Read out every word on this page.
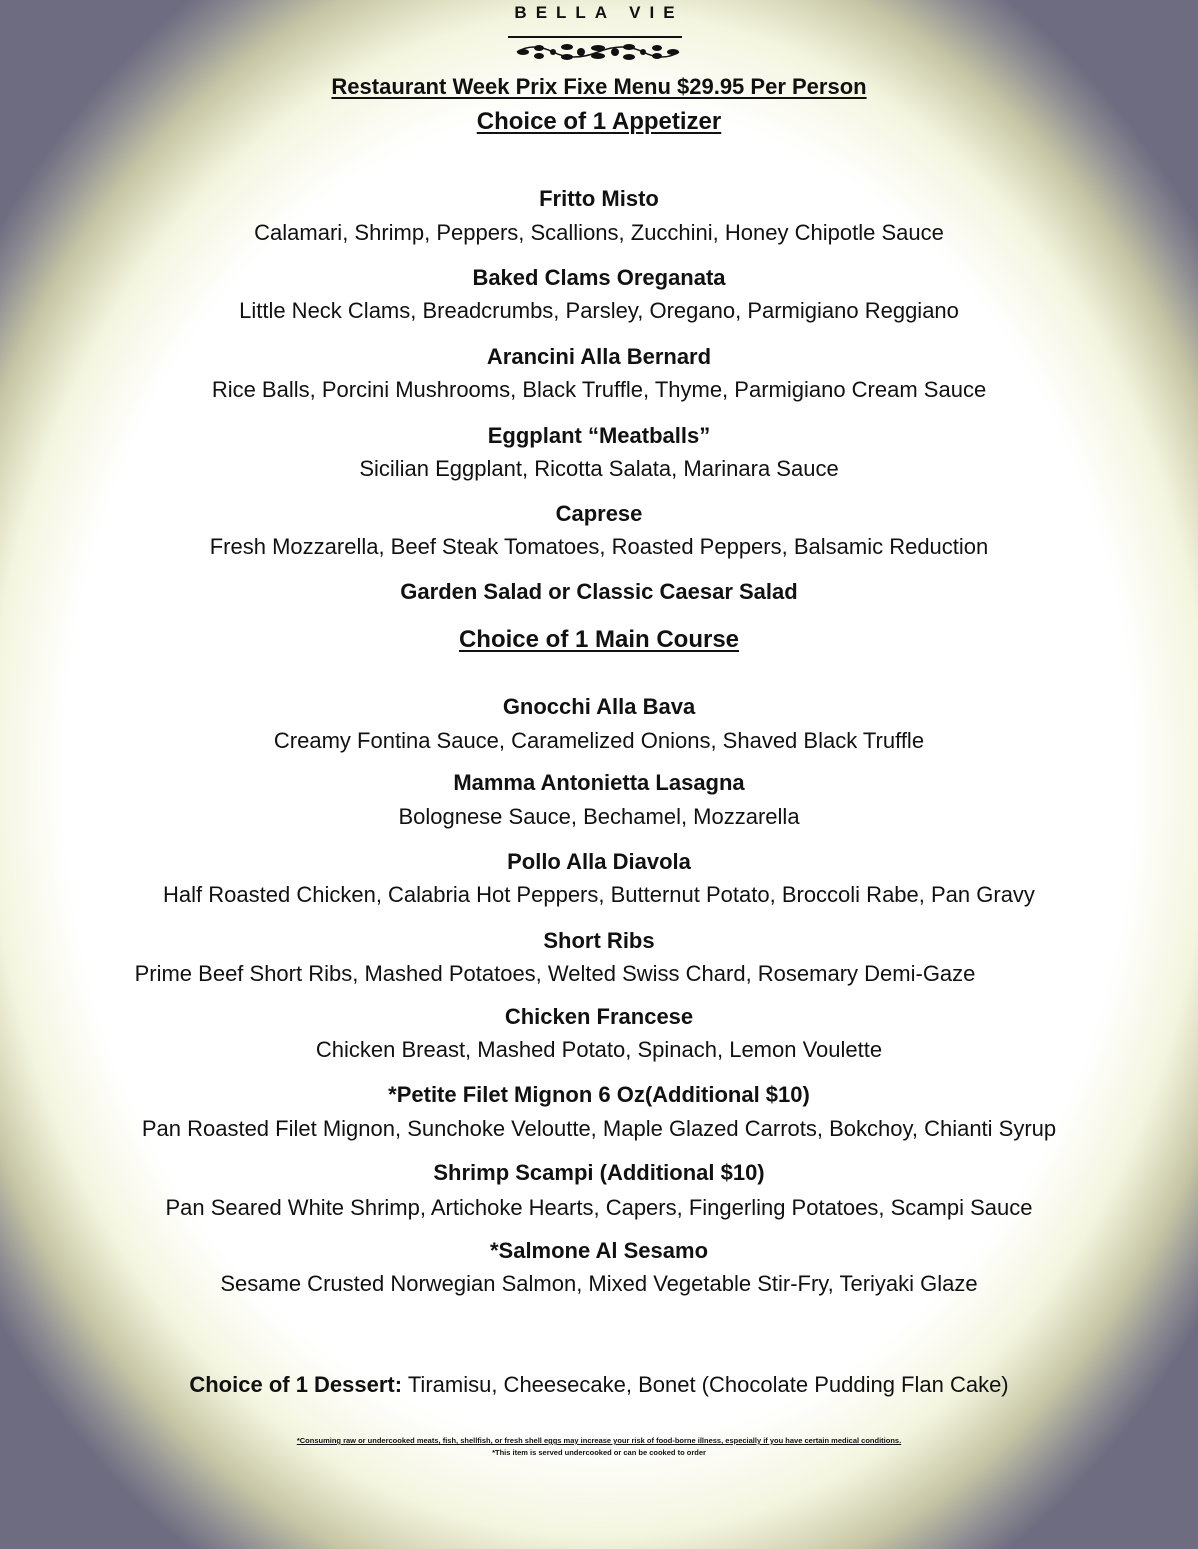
BELLA VIE
Restaurant Week Prix Fixe Menu $29.95 Per Person
Choice of 1 Appetizer
Fritto Misto
Calamari, Shrimp, Peppers, Scallions, Zucchini, Honey Chipotle Sauce
Baked Clams Oreganata
Little Neck Clams, Breadcrumbs, Parsley, Oregano, Parmigiano Reggiano
Arancini Alla Bernard
Rice Balls, Porcini Mushrooms, Black Truffle, Thyme, Parmigiano Cream Sauce
Eggplant “Meatballs”
Sicilian Eggplant, Ricotta Salata, Marinara Sauce
Caprese
Fresh Mozzarella, Beef Steak Tomatoes, Roasted Peppers, Balsamic Reduction
Garden Salad or Classic Caesar Salad
Choice of 1 Main Course
Gnocchi Alla Bava
Creamy Fontina Sauce, Caramelized Onions, Shaved Black Truffle
Mamma Antonietta Lasagna
Bolognese Sauce, Bechamel, Mozzarella
Pollo Alla Diavola
Half Roasted Chicken, Calabria Hot Peppers, Butternut Potato, Broccoli Rabe, Pan Gravy
Short Ribs
Prime Beef Short Ribs, Mashed Potatoes, Welted Swiss Chard, Rosemary Demi-Gaze
Chicken Francese
Chicken Breast, Mashed Potato, Spinach, Lemon Voulette
*Petite Filet Mignon 6 Oz(Additional $10)
Pan Roasted Filet Mignon, Sunchoke Veloutte, Maple Glazed Carrots, Bokchoy, Chianti Syrup
Shrimp Scampi (Additional $10)
Pan Seared White Shrimp, Artichoke Hearts, Capers, Fingerling Potatoes, Scampi Sauce
*Salmone Al Sesamo
Sesame Crusted Norwegian Salmon, Mixed Vegetable Stir-Fry, Teriyaki Glaze
Choice of 1 Dessert: Tiramisu, Cheesecake, Bonet (Chocolate Pudding Flan Cake)
*Consuming raw or undercooked meats, fish, shellfish, or fresh shell eggs may increase your risk of food-borne illness, especially if you have certain medical conditions.
*This item is served undercooked or can be cooked to order
